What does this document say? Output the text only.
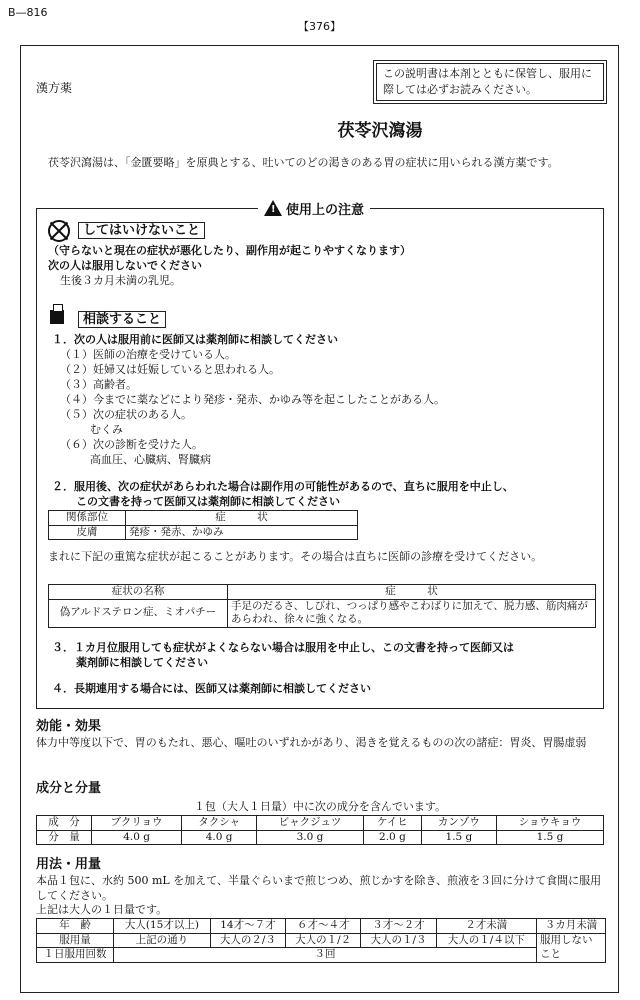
B—816
【376】
漢方薬
この説明書は本剤とともに保管し、服用に際しては必ずお読みください。
茯苓沢瀉湯
茯苓沢瀉湯は、「金匱要略」を原典とする、吐いてのどの渇きのある胃の症状に用いられる漢方薬です。
!使用上の注意
してはいけないこと
（守らないと現在の症状が悪化したり、副作用が起こりやすくなります）
次の人は服用しないでください
生後３カ月未満の乳児。
相談すること
１．次の人は服用前に医師又は薬剤師に相談してください
（１）医師の治療を受けている人。
（２）妊婦又は妊娠していると思われる人。
（３）高齢者。
（４）今までに薬などにより発疹・発赤、かゆみ等を起こしたことがある人。
（５）次の症状のある人。
むくみ
（６）次の診断を受けた人。
高血圧、心臓病、腎臓病
２．服用後、次の症状があらわれた場合は副作用の可能性があるので、直ちに服用を中止し、
この文書を持って医師又は薬剤師に相談してください
関係部位	症　　　状
皮膚	発疹・発赤、かゆみ
まれに下記の重篤な症状が起こることがあります。その場合は直ちに医師の診療を受けてください。
症状の名称	症　　　状
偽アルドステロン症、ミオパチー	手足のだるさ、しびれ、つっぱり感やこわばりに加えて、脱力感、筋肉痛があらわれ、徐々に強くなる。
３．１カ月位服用しても症状がよくならない場合は服用を中止し、この文書を持って医師又は
薬剤師に相談してください
４．長期連用する場合には、医師又は薬剤師に相談してください
効能・効果
体力中等度以下で、胃のもたれ、悪心、嘔吐のいずれかがあり、渇きを覚えるものの次の諸症：胃炎、胃腸虚弱
成分と分量
１包（大人１日量）中に次の成分を含んでいます。
成　分	ブクリョウ	タクシャ	ビャクジュツ	ケイヒ	カンゾウ	ショウキョウ
分　量	4.0 g	4.0 g	3.0 g	2.0 g	1.5 g	1.5 g
用法・用量
本品１包に、水約 500 mL を加えて、半量ぐらいまで煎じつめ、煎じかすを除き、煎液を３回に分けて食間に服用してください。
上記は大人の１日量です。
年　齢	大人(15才以上)	14才〜７才	６才〜４才	３才〜２才	２才未満	３カ月未満
服用量	上記の通り	大人の２/３	大人の１/２	大人の１/３	大人の１/４以下	服用しないこと
１日服用回数	３回					
